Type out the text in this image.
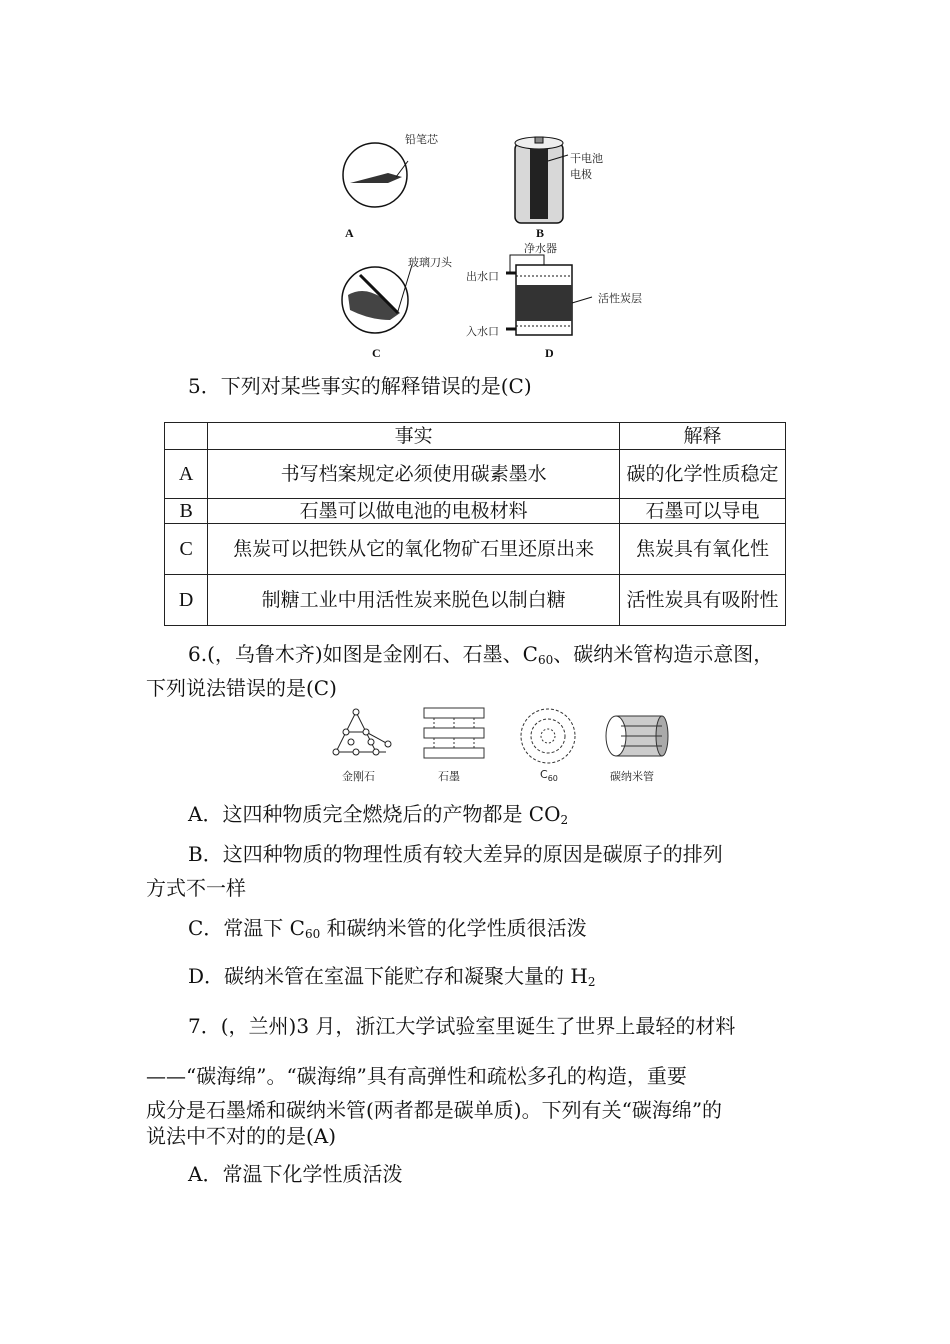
铅笔芯
A
干电池
电极
B
玻璃刀头
C
净水器
出水口
入水口
活性炭层
D
5．下列对某些事实的解释错误的是(C)
	事实	解释
A	书写档案规定必须使用碳素墨水	碳的化学性质稳定
B	石墨可以做电池的电极材料	石墨可以导电
C	焦炭可以把铁从它的氧化物矿石里还原出来	焦炭具有氧化性
D	制糖工业中用活性炭来脱色以制白糖	活性炭具有吸附性
6.(，乌鲁木齐)如图是金刚石、石墨、$C_{60}$、碳纳米管构造示意图，
下列说法错误的是(C)
金刚石	石墨	$C_{60}$	碳纳米管
A．这四种物质完全燃烧后的产物都是 $CO_2$
B．这四种物质的物理性质有较大差异的原因是碳原子的排列
方式不一样
C．常温下 $C_{60}$ 和碳纳米管的化学性质很活泼
D．碳纳米管在室温下能贮存和凝聚大量的 $H_2$
7．(，兰州)3 月，浙江大学试验室里诞生了世界上最轻的材料
——“碳海绵”。“碳海绵”具有高弹性和疏松多孔的构造，重要
成分是石墨烯和碳纳米管(两者都是碳单质)。下列有关“碳海绵”的
说法中不对的的是(A)
A．常温下化学性质活泼
